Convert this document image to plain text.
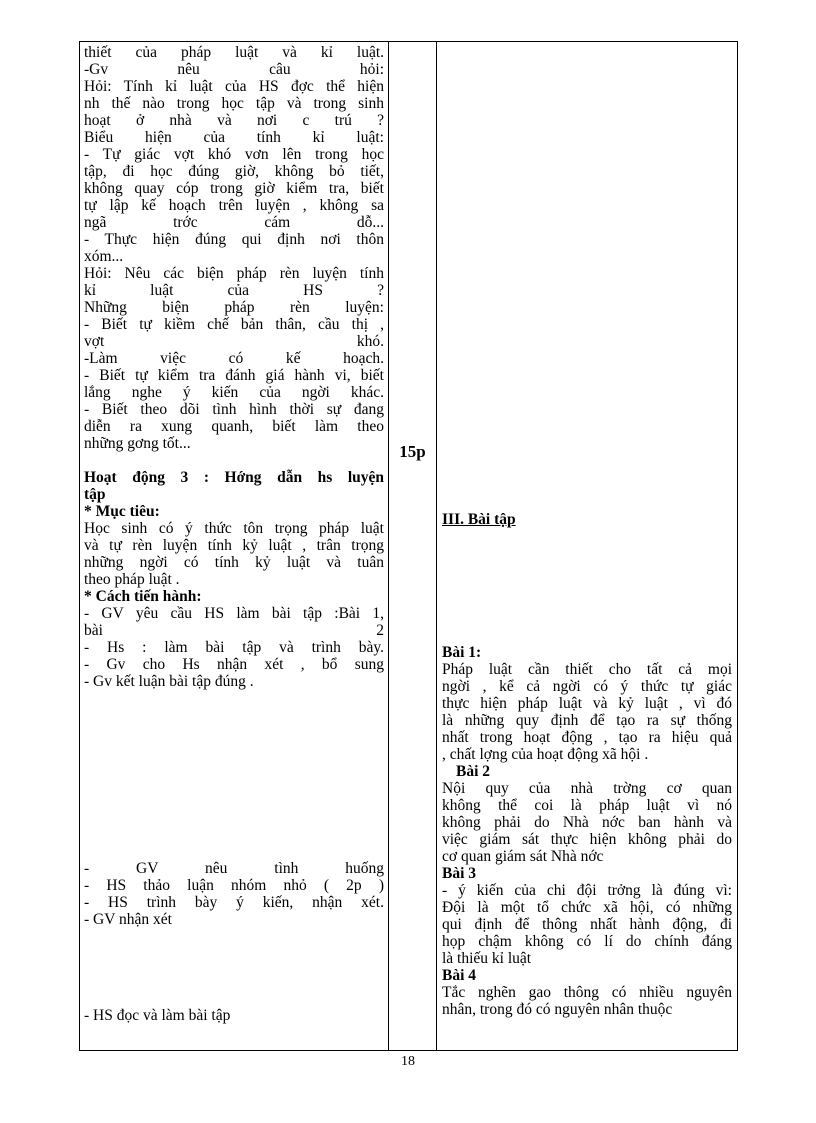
thiết của pháp luật và kỉ luật.

-Gv nêu câu hỏi:

Hỏi: Tính kỉ luật của HS đợc thể hiện

nh thế nào trong học tập và trong sinh

hoạt ở nhà và nơi c trú ?

Biểu hiện của tính kỉ luật:

- Tự giác vợt khó vơn lên trong học

tập, đi học đúng giờ, không bỏ tiết,

không quay cóp trong giờ kiểm tra, biết

tự lập kế hoạch trên luyện , không sa

ngã trớc cám dỗ...

- Thực hiện đúng qui định nơi thôn

xóm...

Hỏi: Nêu các biện pháp rèn luyện tính

kỉ luật của HS ?

Những biện pháp rèn luyện:

- Biết tự kiềm chế bản thân, cầu thị ,

vợt khó.

-Làm việc có kế hoạch.

- Biết tự kiểm tra đánh giá hành vi, biết

lắng nghe ý kiến của ngời khác.

- Biết theo dõi tình hình thời sự đang

diễn ra xung quanh, biết làm theo

những gơng tốt...

Hoạt động 3 : Hớng dẫn hs luyện

tập

* Mục tiêu:

Học sinh có ý thức tôn trọng pháp luật

và tự rèn luyện tính kỷ luật , trân trọng

những ngời có tính kỷ luật và tuân

theo pháp luật .

* Cách tiến hành:

- GV yêu cầu HS làm bài tập :Bài 1,

bài 2

- Hs : làm bài tập và trình bày.

- Gv cho Hs nhận xét , bổ sung

- Gv kết luận bài tập đúng .

- GV nêu tình huống

- HS thảo luận nhóm nhỏ ( 2p )

- HS trình bày ý kiến, nhận xét.

- GV nhận xét

- HS đọc và làm bài tập

15p

III. Bài tập

Bài 1:

Pháp luật cần thiết cho tất cả mọi

ngời , kể cả ngời có ý thức tự giác

thực hiện pháp luật và kỷ luật , vì đó

là những quy định để tạo ra sự thống

nhất trong hoạt động , tạo ra hiệu quả

, chất lợng của hoạt động xã hội .

Bài 2

Nội quy của nhà trờng cơ quan

không thể coi là pháp luật vì nó

không phải do Nhà nớc ban hành và

việc giám sát thực hiện không phải do

cơ quan giám sát Nhà nớc

Bài 3

- ý kiến của chi đội trởng là đúng vì:

Đội là một tổ chức xã hội, có những

qui định để thông nhất hành động, đi

họp chậm không có lí do chính đáng

là thiếu kỉ luật

Bài 4

Tắc nghẽn gao thông có nhiều nguyên

nhân, trong đó có nguyên nhân thuộc

18
